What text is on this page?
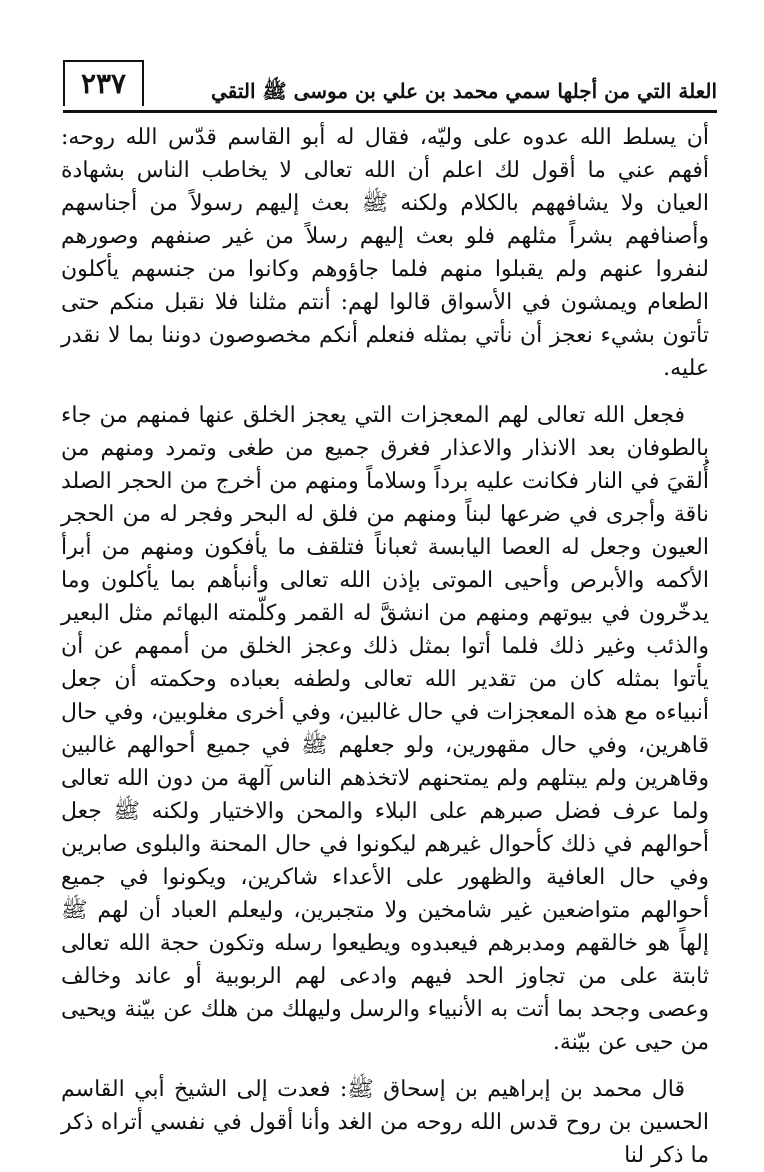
٢٣٧	العلة التي من أجلها سمي محمد بن علي بن موسى ﷺ التقي

أن يسلط الله عدوه على وليّه، فقال له أبو القاسم قدّس الله روحه: أفهم عني ما أقول لك اعلم أن الله تعالى لا يخاطب الناس بشهادة العيان ولا يشافههم بالكلام ولكنه ﷺ بعث إليهم رسولاً من أجناسهم وأصنافهم بشراً مثلهم فلو بعث إليهم رسلاً من غير صنفهم وصورهم لنفروا عنهم ولم يقبلوا منهم فلما جاؤوهم وكانوا من جنسهم يأكلون الطعام ويمشون في الأسواق قالوا لهم: أنتم مثلنا فلا نقبل منكم حتى تأتون بشيء نعجز أن نأتي بمثله فنعلم أنكم مخصوصون دوننا بما لا نقدر عليه.

فجعل الله تعالى لهم المعجزات التي يعجز الخلق عنها فمنهم من جاء بالطوفان بعد الانذار والاعذار فغرق جميع من طغى وتمرد ومنهم من أُلقيَ في النار فكانت عليه برداً وسلاماً ومنهم من أخرج من الحجر الصلد ناقة وأجرى في ضرعها لبناً ومنهم من فلق له البحر وفجر له من الحجر العيون وجعل له العصا اليابسة ثعباناً فتلقف ما يأفكون ومنهم من أبرأ الأكمه والأبرص وأحيى الموتى بإذن الله تعالى وأنبأهم بما يأكلون وما يدخّرون في بيوتهم ومنهم من انشقَّ له القمر وكلّمته البهائم مثل البعير والذئب وغير ذلك فلما أتوا بمثل ذلك وعجز الخلق من أممهم عن أن يأتوا بمثله كان من تقدير الله تعالى ولطفه بعباده وحكمته أن جعل أنبياءه مع هذه المعجزات في حال غالبين، وفي أخرى مغلوبين، وفي حال قاهرين، وفي حال مقهورين، ولو جعلهم ﷺ في جميع أحوالهم غالبين وقاهرين ولم يبتلهم ولم يمتحنهم لاتخذهم الناس آلهة من دون الله تعالى ولما عرف فضل صبرهم على البلاء والمحن والاختيار ولكنه ﷺ جعل أحوالهم في ذلك كأحوال غيرهم ليكونوا في حال المحنة والبلوى صابرين وفي حال العافية والظهور على الأعداء شاكرين، ويكونوا في جميع أحوالهم متواضعين غير شامخين ولا متجبرين، وليعلم العباد أن لهم ﷺ إلهاً هو خالقهم ومدبرهم فيعبدوه ويطيعوا رسله وتكون حجة الله تعالى ثابتة على من تجاوز الحد فيهم وادعى لهم الربوبية أو عاند وخالف وعصى وجحد بما أتت به الأنبياء والرسل وليهلك من هلك عن بيّنة ويحيى من حيى عن بيّنة.

قال محمد بن إبراهيم بن إسحاق ﷺ: فعدت إلى الشيخ أبي القاسم الحسين بن روح قدس الله روحه من الغد وأنا أقول في نفسي أتراه ذكر ما ذكر لنا
